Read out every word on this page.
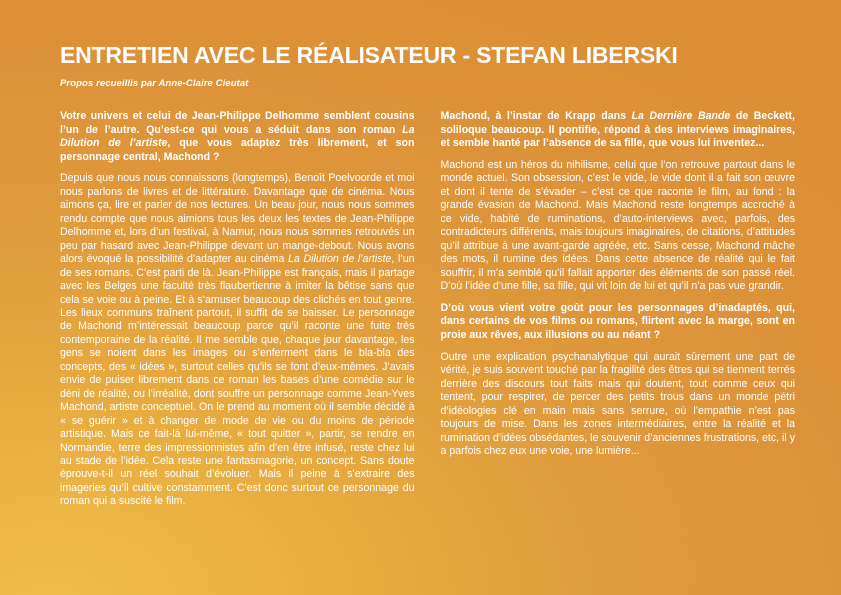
ENTRETIEN AVEC LE RÉALISATEUR - STEFAN LIBERSKI

Propos recueillis par Anne-Claire Cieutat

Votre univers et celui de Jean-Philippe Delhomme semblent cousins l’un de l’autre. Qu’est-ce qui vous a séduit dans son roman La Dilution de l’artiste, que vous adaptez très librement, et son personnage central, Machond ?

Depuis que nous nous connaissons (longtemps), Benoît Poelvoorde et moi nous parlons de livres et de littérature. Davantage que de cinéma. Nous aimons ça, lire et parler de nos lectures. Un beau jour, nous nous sommes rendu compte que nous aimions tous les deux les textes de Jean-Philippe Delhomme et, lors d’un festival, à Namur, nous nous sommes retrouvés un peu par hasard avec Jean-Philippe devant un mange-debout. Nous avons alors évoqué la possibilité d’adapter au cinéma La Dilution de l’artiste, l’un de ses romans. C’est parti de là. Jean-Philippe est français, mais il partage avec les Belges une faculté très flaubertienne à imiter la bêtise sans que cela se voie ou à peine. Et à s’amuser beaucoup des clichés en tout genre. Les lieux communs traînent partout, il suffit de se baisser. Le personnage de Machond m’intéressait beaucoup parce qu’il raconte une fuite très contemporaine de la réalité. Il me semble que, chaque jour davantage, les gens se noient dans les images ou s’enferment dans le bla-bla des concepts, des « idées », surtout celles qu’ils se font d’eux-mêmes. J’avais envie de puiser librement dans ce roman les bases d’une comédie sur le déni de réalité, ou l’irréalité, dont souffre un personnage comme Jean-Yves Machond, artiste conceptuel. On le prend au moment où il semble décidé à « se guérir » et à changer de mode de vie ou du moins de période artistique. Mais ce fait-là lui-même, « tout quitter », partir, se rendre en Normandie, terre des impressionnistes afin d’en être infusé, reste chez lui au stade de l’idée. Cela reste une fantasmagorie, un concept. Sans doute éprouve-t-il un réel souhait d’évoluer. Mais il peine à s’extraire des imageries qu’il cultive constamment. C’est donc surtout ce personnage du roman qui a suscité le film.

Machond, à l’instar de Krapp dans La Dernière Bande de Beckett, soliloque beaucoup. Il pontifie, répond à des interviews imaginaires, et semble hanté par l’absence de sa fille, que vous lui inventez...

Machond est un héros du nihilisme, celui que l’on retrouve partout dans le monde actuel. Son obsession, c’est le vide, le vide dont il a fait son œuvre et dont il tente de s’évader – c’est ce que raconte le film, au fond : la grande évasion de Machond. Mais Machond reste longtemps accroché à ce vide, habité de ruminations, d’auto-interviews avec, parfois, des contradicteurs différents, mais toujours imaginaires, de citations, d’attitudes qu’il attribue à une avant-garde agréée, etc. Sans cesse, Machond mâche des mots, il rumine des idées. Dans cette absence de réalité qui le fait souffrir, il m’a semblé qu’il fallait apporter des éléments de son passé réel. D’où l’idée d’une fille, sa fille, qui vit loin de lui et qu’il n’a pas vue grandir.

D’où vous vient votre goût pour les personnages d’inadaptés, qui, dans certains de vos films ou romans, flirtent avec la marge, sont en proie aux rêves, aux illusions ou au néant ?

Outre une explication psychanalytique qui aurait sûrement une part de vérité, je suis souvent touché par la fragilité des êtres qui se tiennent terrés derrière des discours tout faits mais qui doutent, tout comme ceux qui tentent, pour respirer, de percer des petits trous dans un monde pétri d’idéologies clé en main mais sans serrure, où l’empathie n’est pas toujours de mise. Dans les zones intermédiaires, entre la réalité et la rumination d’idées obsédantes, le souvenir d’anciennes frustrations, etc, il y a parfois chez eux une voie, une lumière...
